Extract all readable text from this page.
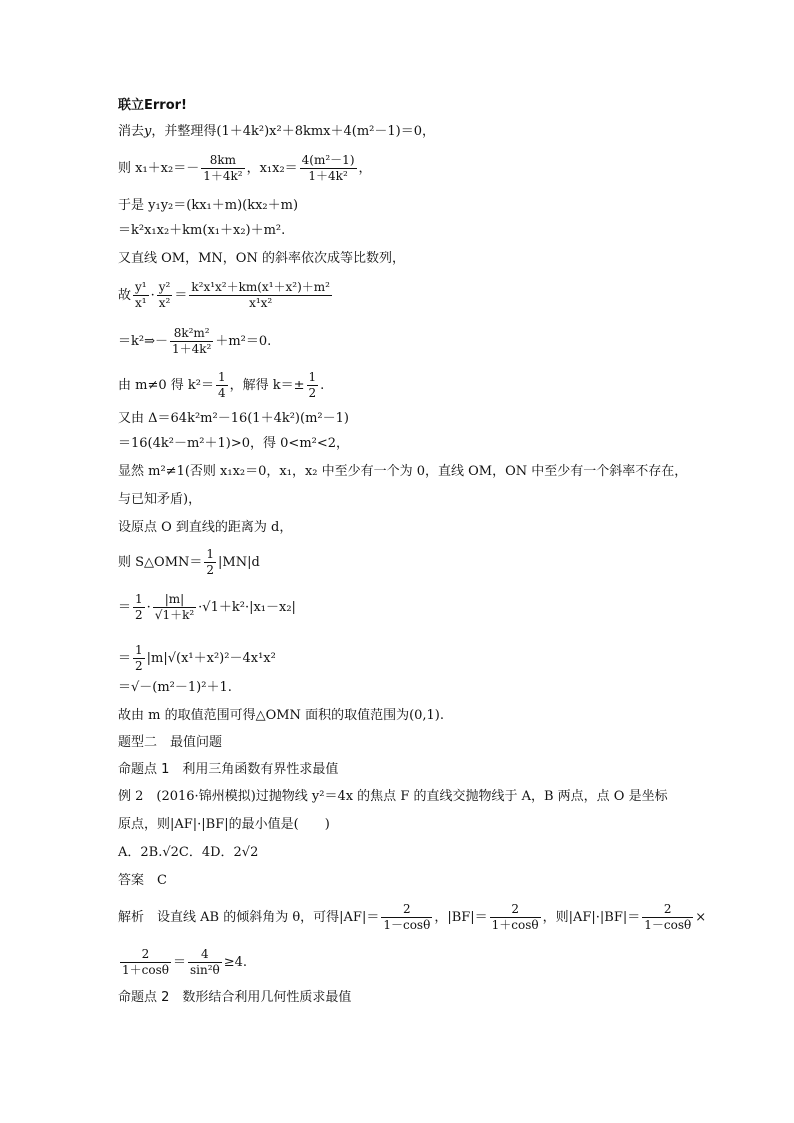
联立Error!
消去y，并整理得(1＋4k²)x²＋8kmx＋4(m²－1)＝0，
则 $x_1+x_2=- \frac{8km}{\text{1＋4k²}}$ ，$x_1x_2= \frac{\text{4(m²－1)}}{\text{1＋4k²}}$ ，
于是 y₁y₂＝(kx₁＋m)(kx₂＋m)
＝k²x₁x₂＋km(x₁＋x₂)＋m².
又直线 OM，MN，ON 的斜率依次成等比数列，
故 $\frac{\text{y¹}}{\text{x¹}} \cdot \frac{\text{y²}}{\text{x²}} = \frac{\text{k²x¹x²＋km(x¹＋x²)＋m²}}{\text{x¹x²}}$
＝k²⇒－ $\frac{\text{8k²m²}}{\text{1＋4k²}} +m^2=0$.
由 m≠0 得 $k^2= \frac{1}{4}$ ，解得 $k=\pm \frac{1}{2}$ .
又由 Δ＝64k²m²－16(1＋4k²)(m²－1)
＝16(4k²－m²＋1)>0，得 0<m²<2，
显然 m²≠1(否则 x₁x₂＝0，x₁，x₂ 中至少有一个为 0，直线 OM，ON 中至少有一个斜率不存在，
与已知矛盾)，
设原点 O 到直线的距离为 d，
则 S△OMN＝ $\frac{1}{2} |MN|d$
＝ $\frac{1}{2} \cdot \frac{|m|}{\text{√1＋k²}} \cdot√1+k^2\cdot|x_1-x_2|$
＝ $\frac{1}{2} |m|√(x^1+x^2)^2-4x^1x^2$
＝√－(m²－1)²＋1.
故由 m 的取值范围可得△OMN 面积的取值范围为(0,1).
题型二　最值问题
命题点 1　利用三角函数有界性求最值
例 2　(2016·锦州模拟)过抛物线 y²＝4x 的焦点 F 的直线交抛物线于 A，B 两点，点 O 是坐标
原点，则|AF|·|BF|的最小值是(　　)
A．2B.√2C．4D．2√2
答案　C
解析　设直线 AB 的倾斜角为 θ，可得$|AF|= \frac{2}{1-\cos\theta}$ ，$|BF|= \frac{2}{1+\cos\theta}$ ，则$|AF|\cdot|BF|= \frac{2}{1-\cos\theta}$ ×
$\frac{2}{1+\cos\theta} = \frac{4}{\text{sin²θ}} \ge 4$.
命题点 2　数形结合利用几何性质求最值
